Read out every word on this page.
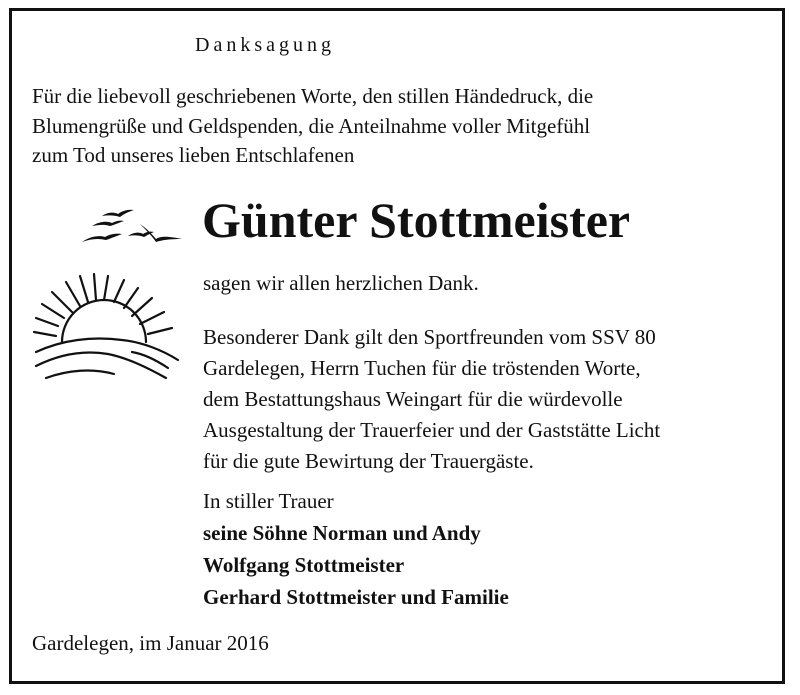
Danksagung
Für die liebevoll geschriebenen Worte, den stillen Händedruck, die
Blumengrüße und Geldspenden, die Anteilnahme voller Mitgefühl
zum Tod unseres lieben Entschlafenen
Günter Stottmeister
sagen wir allen herzlichen Dank.
Besonderer Dank gilt den Sportfreunden vom SSV 80
Gardelegen, Herrn Tuchen für die tröstenden Worte,
dem Bestattungshaus Weingart für die würdevolle
Ausgestaltung der Trauerfeier und der Gaststätte Licht
für die gute Bewirtung der Trauergäste.
In stiller Trauer
seine Söhne Norman und Andy
Wolfgang Stottmeister
Gerhard Stottmeister und Familie
Gardelegen, im Januar 2016
